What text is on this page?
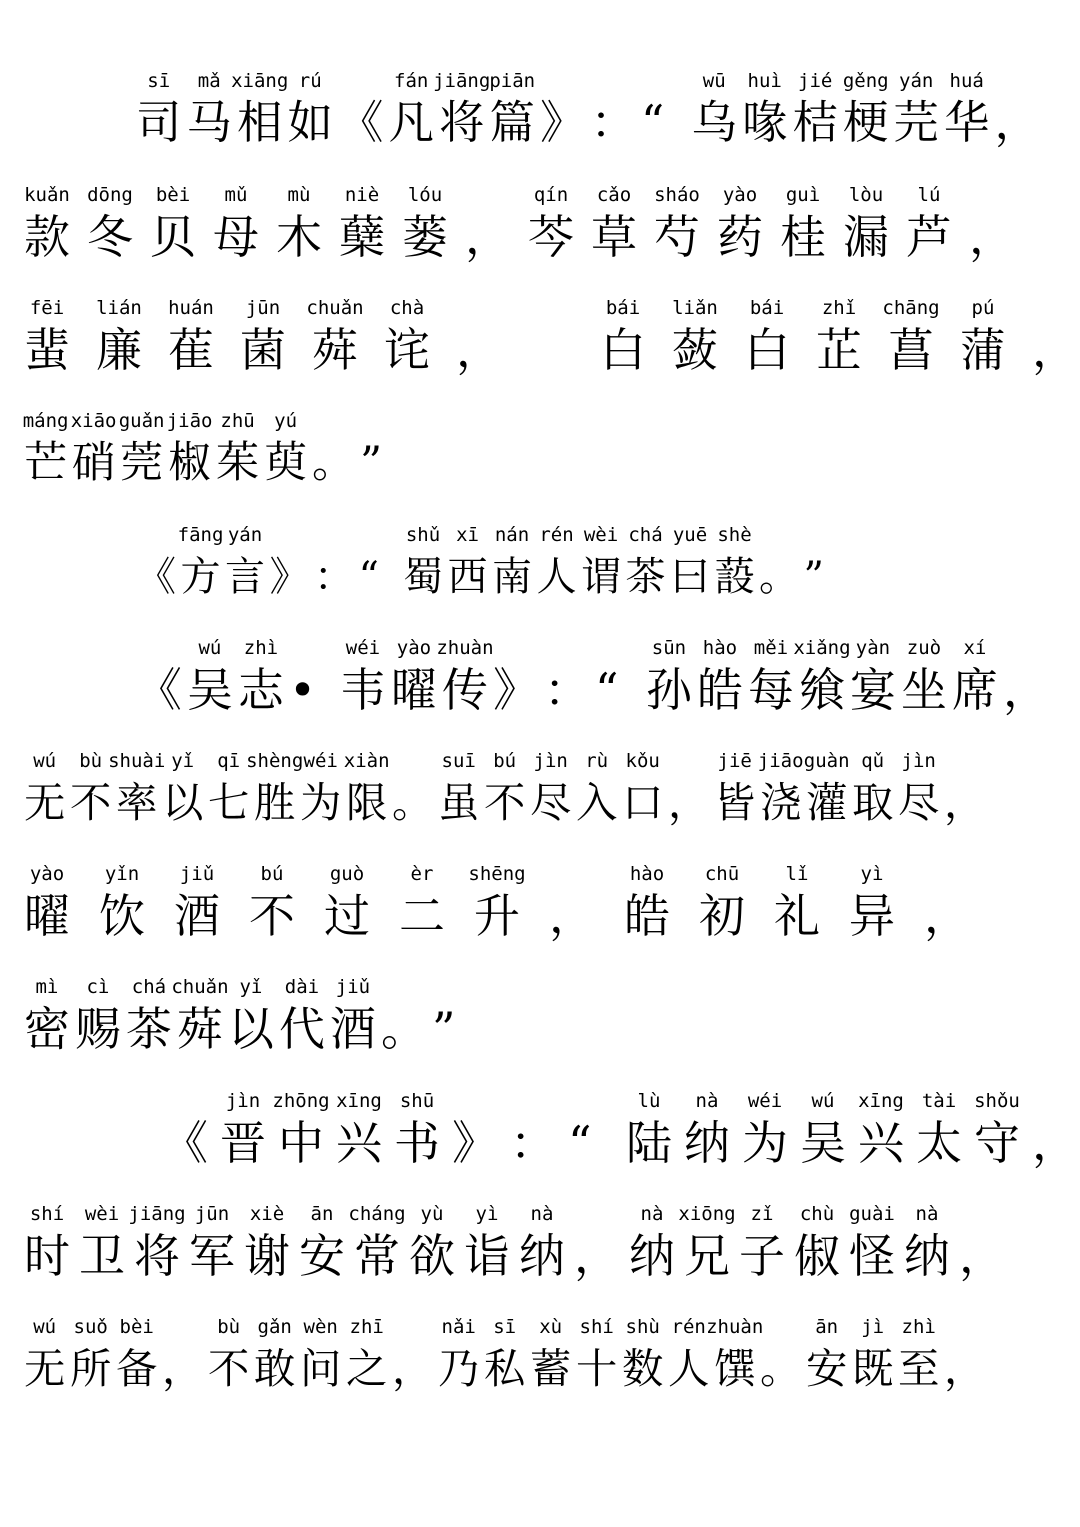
sī mǎ xiāng rú	fán jiāng piān	wū huì jié gěng yán huá
司 马 相 如 《 凡 将 篇 》 ： “ 乌 喙 桔 梗 芫 华 ，
kuǎn dōng bèi mǔ mù niè lóu	qín cǎo sháo yào guì lòu lú
款 冬 贝 母 木 蘖 蒌 ， 芩 草 芍 药 桂 漏 芦 ，
fēi lián huán jūn chuǎn chà	bái liǎn bái zhǐ chāng pú
蜚 廉 萑 菌 荈 诧 ，	白 蔹 白 芷 菖 蒲 ，
máng xiāo guǎn jiāo zhū yú
芒 硝 莞 椒 茱 萸 。 ”
fāng yán	shǔ xī nán rén wèi chá yuē shè
《 方 言 》 ： “ 蜀 西 南 人 谓 茶 曰 蔎 。 ”
wú zhì	wéi yào zhuàn	sūn hào měi xiǎng yàn zuò xí
《 吴 志 • 韦 曜 传 》 ： “ 孙 皓 每 飨 宴 坐 席 ，
wú bù shuài yǐ qī shèng wéi xiàn	suī bú jìn rù kǒu	jiē jiāo guàn qǔ jìn
无 不 率 以 七 胜 为 限 。 虽 不 尽 入 口 ， 皆 浇 灌 取 尽 ，
yào yǐn jiǔ bú guò èr shēng	hào chū lǐ	yì
曜 饮 酒 不 过 二 升 ， 皓 初 礼 异 ，
mì cì chá chuǎn yǐ dài jiǔ
密 赐 茶 荈 以 代 酒 。 ”
jìn zhōng xīng shū	lù nà wéi wú xīng tài shǒu
《 晋 中 兴 书 》 ： “ 陆 纳 为 吴 兴 太 守 ，
shí wèi jiāng jūn xiè ān cháng yù yì nà	nà xiōng zǐ chù guài nà
时 卫 将 军 谢 安 常 欲 诣 纳 ， 纳 兄 子 俶 怪 纳 ，
wú suǒ bèi	bù gǎn wèn zhī	nǎi sī xù shí shù rén zhuàn	ān jì zhì
无 所 备 ， 不 敢 问 之 ， 乃 私 蓄 十 数 人 馔 。 安 既 至 ，
